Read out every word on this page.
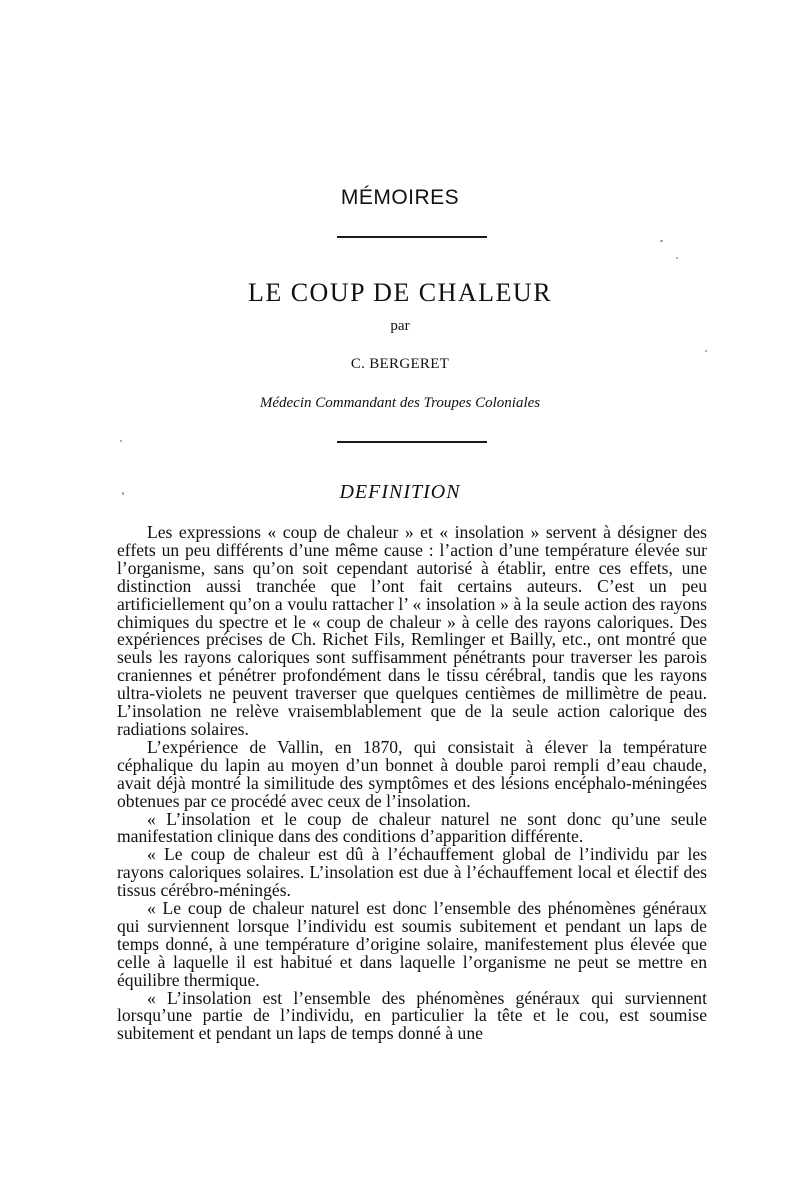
MÉMOIRES
LE COUP DE CHALEUR
par
C. BERGERET
Médecin Commandant des Troupes Coloniales
DEFINITION

Les expressions « coup de chaleur » et « insolation » servent à désigner des effets un peu différents d’une même cause : l’action d’une température élevée sur l’organisme, sans qu’on soit cependant autorisé à établir, entre ces effets, une distinction aussi tranchée que l’ont fait certains auteurs. C’est un peu artificiellement qu’on a voulu rattacher l’ « insolation » à la seule action des rayons chimiques du spectre et le « coup de chaleur » à celle des rayons caloriques. Des expériences précises de Ch. Richet Fils, Remlinger et Bailly, etc., ont montré que seuls les rayons caloriques sont suffisamment pénétrants pour traverser les parois craniennes et pénétrer profondément dans le tissu cérébral, tandis que les rayons ultra-violets ne peuvent traverser que quelques centièmes de millimètre de peau. L’insolation ne relève vraisemblablement que de la seule action calorique des radiations solaires.

L’expérience de Vallin, en 1870, qui consistait à élever la température céphalique du lapin au moyen d’un bonnet à double paroi rempli d’eau chaude, avait déjà montré la similitude des symptômes et des lésions encéphalo-méningées obtenues par ce procédé avec ceux de l’insolation.

« L’insolation et le coup de chaleur naturel ne sont donc qu’une seule manifestation clinique dans des conditions d’apparition différente.

« Le coup de chaleur est dû à l’échauffement global de l’individu par les rayons caloriques solaires. L’insolation est due à l’échauffement local et électif des tissus cérébro-méningés.

« Le coup de chaleur naturel est donc l’ensemble des phénomènes généraux qui surviennent lorsque l’individu est soumis subitement et pendant un laps de temps donné, à une température d’origine solaire, manifestement plus élevée que celle à laquelle il est habitué et dans laquelle l’organisme ne peut se mettre en équilibre thermique.

« L’insolation est l’ensemble des phénomènes généraux qui surviennent lorsqu’une partie de l’individu, en particulier la tête et le cou, est soumise subitement et pendant un laps de temps donné à une
